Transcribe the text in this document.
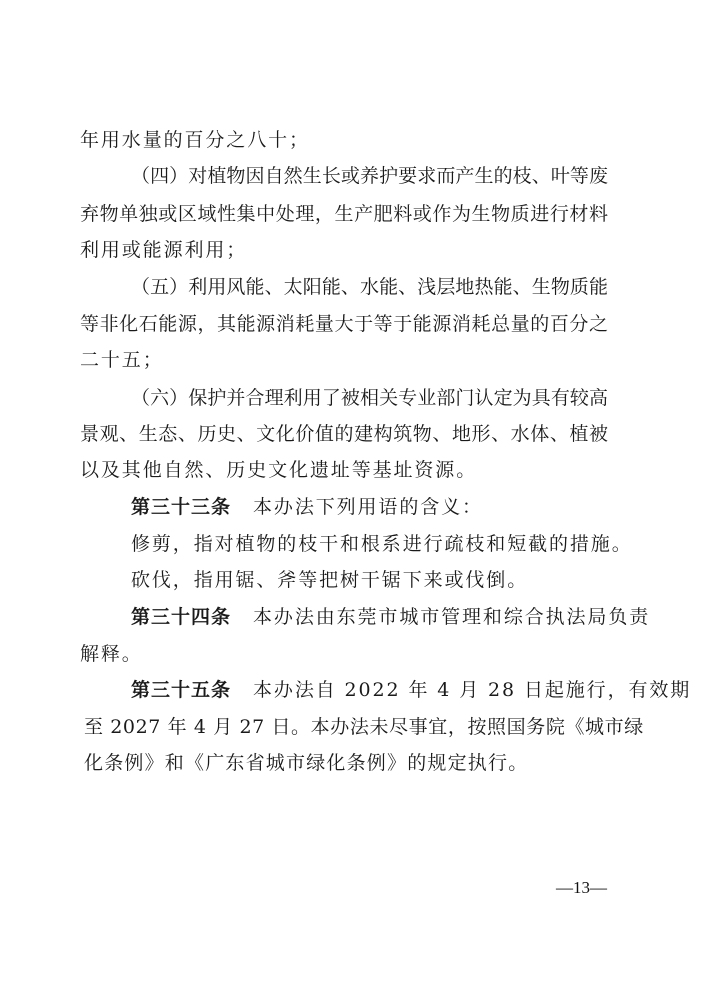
年用水量的百分之八十；
（四）对植物因自然生长或养护要求而产生的枝、叶等废
弃物单独或区域性集中处理，生产肥料或作为生物质进行材料
利用或能源利用；
（五）利用风能、太阳能、水能、浅层地热能、生物质能
等非化石能源，其能源消耗量大于等于能源消耗总量的百分之
二十五；
（六）保护并合理利用了被相关专业部门认定为具有较高
景观、生态、历史、文化价值的建构筑物、地形、水体、植被
以及其他自然、历史文化遗址等基址资源。
第三十三条 本办法下列用语的含义：
修剪，指对植物的枝干和根系进行疏枝和短截的措施。
砍伐，指用锯、斧等把树干锯下来或伐倒。
第三十四条 本办法由东莞市城市管理和综合执法局负责
解释。
第三十五条 本办法自 2022 年 4 月 28 日起施行，有效期
至 2027 年 4 月 27 日。本办法未尽事宜，按照国务院《城市绿
化条例》和《广东省城市绿化条例》的规定执行。
—13—
